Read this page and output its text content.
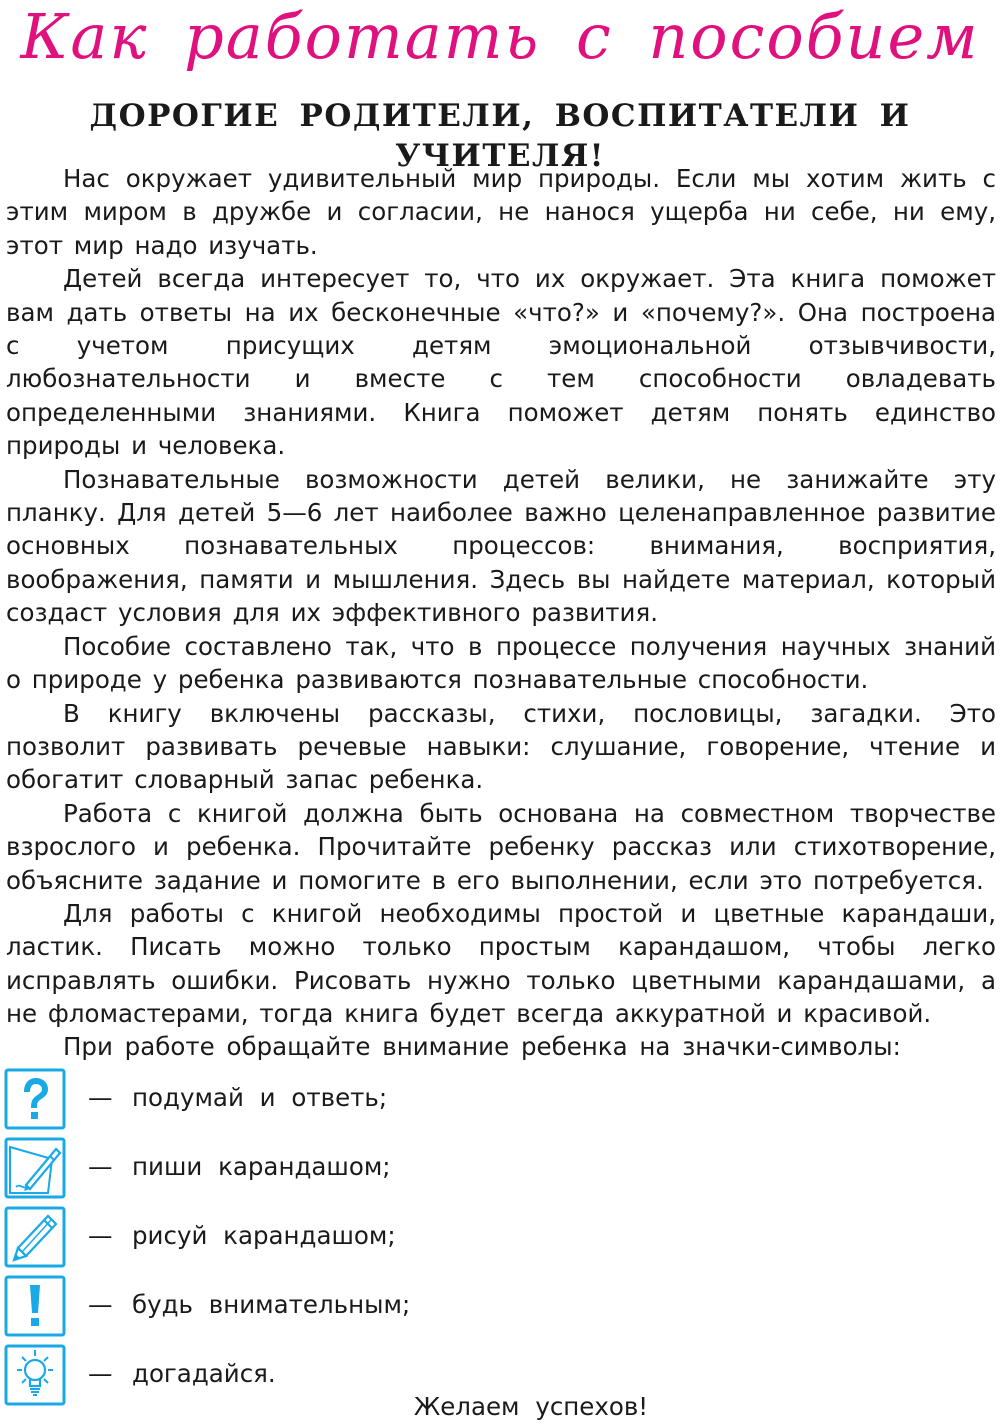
Как работать с пособием
ДОРОГИЕ РОДИТЕЛИ, ВОСПИТАТЕЛИ И УЧИТЕЛЯ!

Нас окружает удивительный мир природы. Если мы хотим жить с этим миром в дружбе и согласии, не нанося ущерба ни себе, ни ему, этот мир надо изучать.

Детей всегда интересует то, что их окружает. Эта книга поможет вам дать ответы на их бесконечные «что?» и «почему?». Она построена с учетом присущих детям эмоциональной отзывчивости, любознательности и вместе с тем способности овладевать определенными знаниями. Книга поможет детям понять единство природы и человека.

Познавательные возможности детей велики, не занижайте эту планку. Для детей 5—6 лет наиболее важно целенаправленное развитие основных познавательных процессов: внимания, восприятия, воображения, памяти и мышления. Здесь вы найдете материал, который создаст условия для их эффективного развития.

Пособие составлено так, что в процессе получения научных знаний о природе у ребенка развиваются познавательные способности.

В книгу включены рассказы, стихи, пословицы, загадки. Это позволит развивать речевые навыки: слушание, говорение, чтение и обогатит словарный запас ребенка.

Работа с книгой должна быть основана на совместном творчестве взрослого и ребенка. Прочитайте ребенку рассказ или стихотворение, объясните задание и помогите в его выполнении, если это потребуется.

Для работы с книгой необходимы простой и цветные карандаши, ластик. Писать можно только простым карандашом, чтобы легко исправлять ошибки. Рисовать нужно только цветными карандашами, а не фломастерами, тогда книга будет всегда аккуратной и красивой.

При работе обращайте внимание ребенка на значки-символы:
— подумай и ответь;
— пиши карандашом;
— рисуй карандашом;
— будь внимательным;
— догадайся.
Желаем успехов!
